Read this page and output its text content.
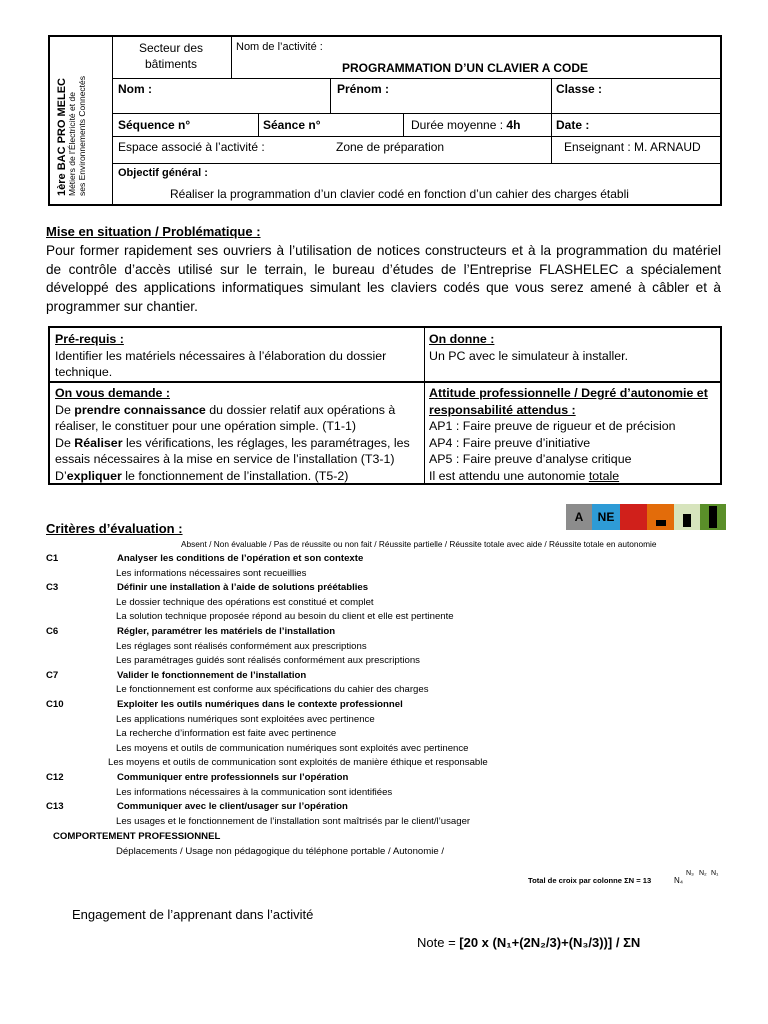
1ère BAC PRO MELEC Métiers de l’Électricité et de ses Environnements Connectés
Secteur des bâtiments
Nom de l’activité :
PROGRAMMATION D’UN CLAVIER A CODE
Nom :	Prénom :	Classe :
Séquence n°	Séance n°	Durée moyenne : 4h	Date :
Espace associé à l’activité :	Zone de préparation	Enseignant : M. ARNAUD
Objectif général :
Réaliser la programmation d’un clavier codé en fonction d’un cahier des charges établi
Mise en situation / Problématique :
Pour former rapidement ses ouvriers à l’utilisation de notices constructeurs et à la programmation du matériel de contrôle d’accès utilisé sur le terrain, le bureau d’études de l’Entreprise FLASHELEC a spécialement développé des applications informatiques simulant les claviers codés que vous serez amené à câbler et à programmer sur chantier.
Pré-requis :
Identifier les matériels nécessaires à l’élaboration du dossier technique.
On donne :
Un PC avec le simulateur à installer.
On vous demande :
De prendre connaissance du dossier relatif aux opérations à réaliser, le constituer pour une opération simple. (T1-1)
De Réaliser les vérifications, les réglages, les paramétrages, les essais nécessaires à la mise en service de l’installation (T3-1)
D’expliquer le fonctionnement de l’installation. (T5-2)
Attitude professionnelle / Degré d’autonomie et responsabilité attendus :
AP1 : Faire preuve de rigueur et de précision
AP4 : Faire preuve d’initiative
AP5 : Faire preuve d’analyse critique
Il est attendu une autonomie totale
Critères d’évaluation :
A	NE
Absent / Non évaluable / Pas de réussite ou non fait / Réussite partielle / Réussite totale avec aide / Réussite totale en autonomie
C1	Analyser les conditions de l’opération et son contexte
Les informations nécessaires sont recueillies
C3	Définir une installation à l’aide de solutions préétablies
Le dossier technique des opérations est constitué et complet
La solution technique proposée répond au besoin du client et elle est pertinente
C6	Régler, paramétrer les matériels de l’installation
Les réglages sont réalisés conformément aux prescriptions
Les paramétrages guidés sont réalisés conformément aux prescriptions
C7	Valider le fonctionnement de l’installation
Le fonctionnement est conforme aux spécifications du cahier des charges
C10	Exploiter les outils numériques dans le contexte professionnel
Les applications numériques sont exploitées avec pertinence
La recherche d’information est faite avec pertinence
Les moyens et outils de communication numériques sont exploités avec pertinence
Les moyens et outils de communication sont exploités de manière éthique et responsable
C12	Communiquer entre professionnels sur l’opération
Les informations nécessaires à la communication sont identifiées
C13	Communiquer avec le client/usager sur l’opération
Les usages et le fonctionnement de l’installation sont maîtrisés par le client/l’usager
COMPORTEMENT PROFESSIONNEL
Déplacements / Usage non pédagogique du téléphone portable / Autonomie /
Total de croix par colonne ΣN = 13	N₄
N₃ N₂ N₁
Engagement de l’apprenant dans l’activité
Note = [20 x (N₁+(2N₂/3)+(N₃/3))] / ΣN
